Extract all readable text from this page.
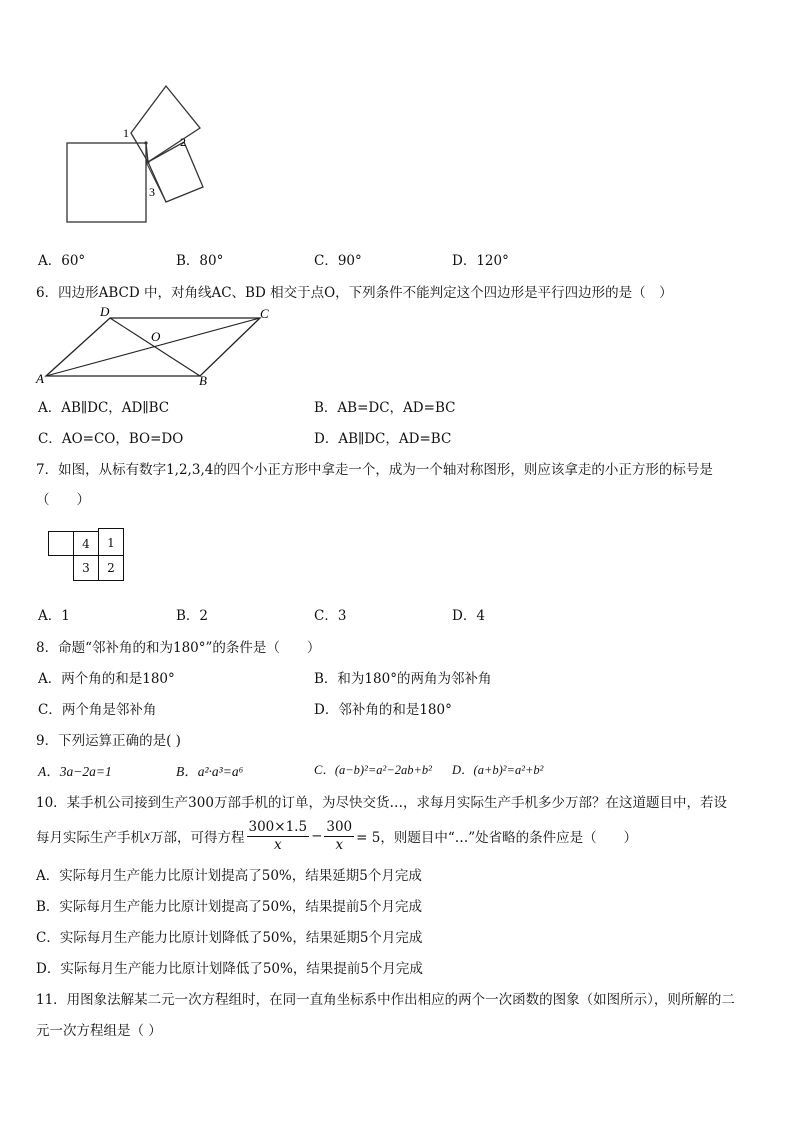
1
2
3
A．60°	B．80°	C．90°	D．120°
6．四边形ABCD 中，对角线AC、BD 相交于点O，下列条件不能判定这个四边形是平行四边形的是（　）
D	C
A	B
O
A．AB∥DC，AD∥BC	B．AB=DC，AD=BC
C．AO=CO，BO=DO	D．AB∥DC，AD=BC
7．如图，从标有数字1,2,3,4的四个小正方形中拿走一个，成为一个轴对称图形，则应该拿走的小正方形的标号是
（　　）
4	1
3	2
A．1	B．2	C．3	D．4
8．命题“邻补角的和为180°”的条件是（　　）
A．两个角的和是180°	B．和为180°的两角为邻补角
C．两个角是邻补角	D．邻补角的和是180°
9．下列运算正确的是( )
A．3a−2a=1	B．a²·a³=a⁶	C．(a−b)²=a²−2ab+b² D．(a+b)²=a²+b²
10．某手机公司接到生产300万部手机的订单，为尽快交货…，求每月实际生产手机多少万部？在这道题目中，若设
每月实际生产手机 x 万部，可得方程 $\frac{300\times 1.5}{x} - \frac{300}{x} = 5$，则题目中“…”处省略的条件应是（　　）
A．实际每月生产能力比原计划提高了50%，结果延期5个月完成
B．实际每月生产能力比原计划提高了50%，结果提前5个月完成
C．实际每月生产能力比原计划降低了50%，结果延期5个月完成
D．实际每月生产能力比原计划降低了50%，结果提前5个月完成
11．用图象法解某二元一次方程组时，在同一直角坐标系中作出相应的两个一次函数的图象（如图所示），则所解的二
元一次方程组是（ ）
